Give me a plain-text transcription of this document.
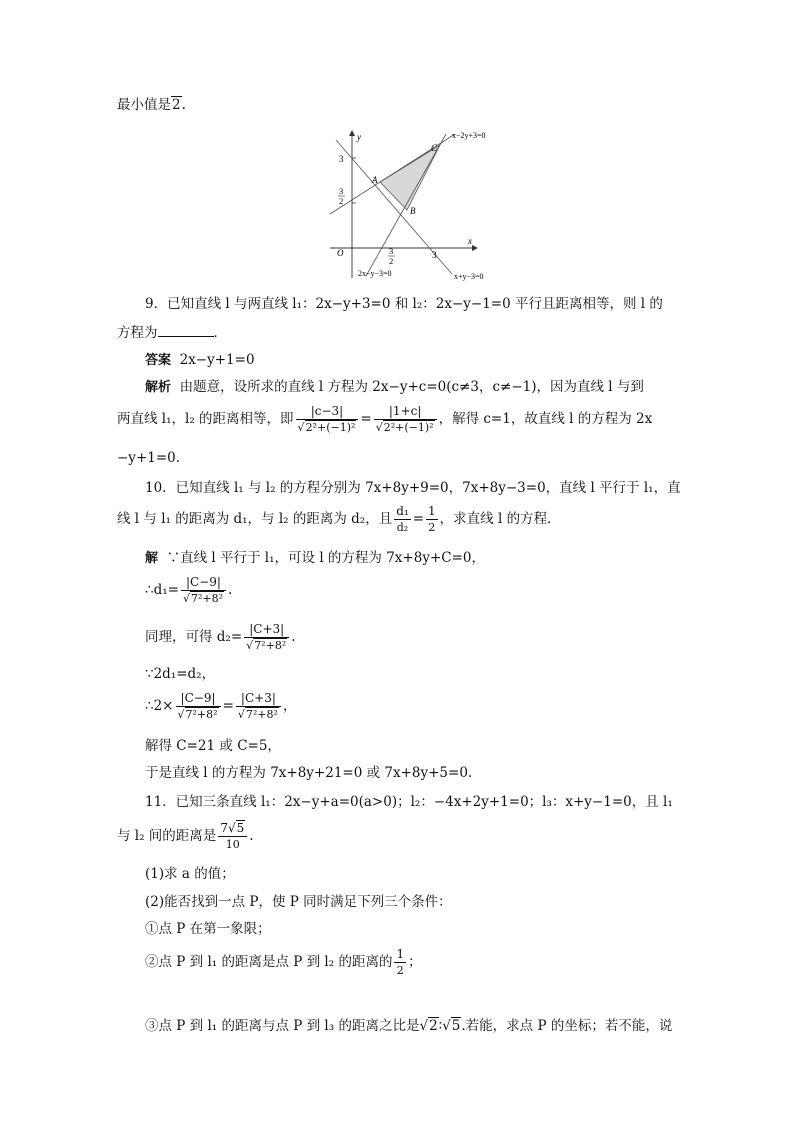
最小值是2.
y
x
O
3
3
2
3
2
3
A
B
C
x−2y+3=0
2x−y−3=0	x+y−3=0
9．已知直线 l 与两直线 l₁：2x−y+3=0 和 l₂：2x−y−1=0 平行且距离相等，则 l 的
方程为	．
答案 2x−y+1=0
解析 由题意，设所求的直线 l 方程为 2x−y+c=0(c≠3，c≠−1)，因为直线 l 与到
两直线 l₁，l₂ 的距离相等，即 $\frac{|c-3|}{\text{√2²+(−1)²}} = \frac{|1+c|}{\text{√2²+(−1)²}}$ ，解得 c=1，故直线 l 的方程为 2x
−y+1=0.
10．已知直线 l₁ 与 l₂ 的方程分别为 7x+8y+9=0，7x+8y−3=0，直线 l 平行于 l₁，直
线 l 与 l₁ 的距离为 d₁，与 l₂ 的距离为 d₂，且 $\frac{\text{d₁}}{\text{d₂}} = \frac{1}{2}$ ，求直线 l 的方程．
解 ∵直线 l 平行于 l₁，可设 l 的方程为 7x+8y+C=0，
∴d₁= $\frac{|C-9|}{\text{√7²+8²}}$ .
同理，可得 $d_2= \frac{|C+3|}{\text{√7²+8²}}$ .
∵2d₁=d₂，
∴2× $\frac{|C-9|}{\text{√7²+8²}} = \frac{|C+3|}{\text{√7²+8²}}$ ，
解得 C=21 或 C=5，
于是直线 l 的方程为 7x+8y+21=0 或 7x+8y+5=0.
11．已知三条直线 l₁：2x−y+a=0(a>0)；l₂：−4x+2y+1=0；l₃：x+y−1=0，且 l₁
与 l₂ 间的距离是 $\frac{7√5}{10}$ .
(1)求 a 的值；
(2)能否找到一点 P，使 P 同时满足下列三个条件：
①点 P 在第一象限；
②点 P 到 l₁ 的距离是点 P 到 l₂ 的距离的 $\frac{1}{2}$ ；
③点 P 到 l₁ 的距离与点 P 到 l₃ 的距离之比是√2∶√5.若能，求点 P 的坐标；若不能，说
